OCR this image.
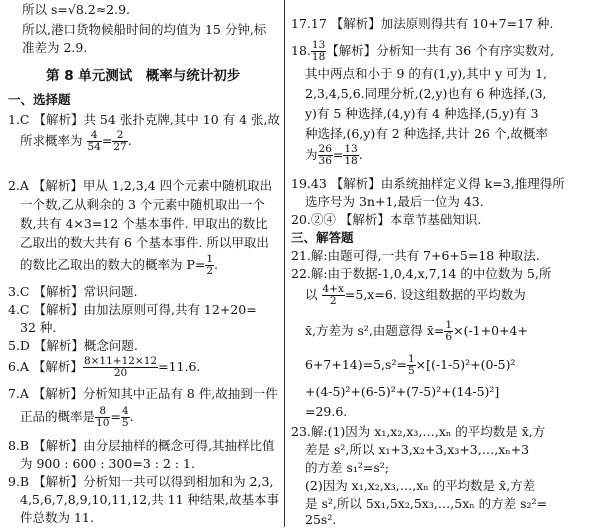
所以 s=√8.2≈2.9.
所以,港口货物候船时间的均值为 15 分钟,标
准差为 2.9.
第 8 单元测试　概率与统计初步
一、选择题
1.C 【解析】共 54 张扑克牌,其中 10 有 4 张,故
所求概率为 $\frac{4}{54} = \frac{2}{27}$ .
2.A 【解析】甲从 1,2,3,4 四个元素中随机取出
一个数,乙从剩余的 3 个元素中随机取出一个
数,共有 4×3=12 个基本事件. 甲取出的数比
乙取出的数大共有 6 个基本事件. 所以甲取出
的数比乙取出的数大的概率为 $P= \frac{1}{2}$ .
3.C 【解析】常识问题.
4.C 【解析】由加法原则可得,共有 12+20=
32 种.
5.D 【解析】概念问题.
6.A 【解析】 $\frac{8\times 11+12\times 12}{20} =11.6$.
7.A 【解析】分析知其中正品有 8 件,故抽到一件
正品的概率是 $\frac{8}{10} = \frac{4}{5}$ .
8.B 【解析】由分层抽样的概念可得,其抽样比值
为 900 : 600 : 300=3 : 2 : 1.
9.B 【解析】分析知一共可以得到相加和为 2,3,
4,5,6,7,8,9,10,11,12,共 11 种结果,故基本事
件总数为 11.
17.17 【解析】加法原则得共有 10+7=17 种.
18. $\frac{13}{18}$ 【解析】分析知一共有 36 个有序实数对,
其中两点和小于 9 的有(1,y),其中 y 可为 1,
2,3,4,5,6.同理分析,(2,y)也有 6 种选择,(3,
y)有 5 种选择,(4,y)有 4 种选择,(5,y)有 3
种选择,(6,y)有 2 种选择,共计 26 个,故概率
为 $\frac{26}{36} = \frac{13}{18}$ .
19.43 【解析】由系统抽样定义得 k=3,推理得所
选序号为 3n+1,最后一位为 43.
20.②④ 【解析】本章节基础知识.
三、解答题
21.解:由题可得,一共有 7+6+5=18 种取法.
22.解:由于数据-1,0,4,x,7,14 的中位数为 5,所
以 $\frac{4+x}{2} =5,x=6$. 设这组数据的平均数为
x̄,方差为 s²,由题意得 x̄= $\frac{1}{6} \times(-1+0+4+$
$6+7+14)=5,s^2= \frac{1}{5} \times[(-1-5)^2+(0-5)^2$
+(4-5)²+(6-5)²+(7-5)²+(14-5)²]
=29.6.
23.解:(1)因为 x₁,x₂,x₃,…,xₙ 的平均数是 x̄,方
差是 s²,所以 x₁+3,x₂+3,x₃+3,…,xₙ+3
的方差 s₁²=s²;
(2)因为 x₁,x₂,x₃,…,xₙ 的平均数是 x̄,方差
是 s²,所以 5x₁,5x₂,5x₃,…,5xₙ 的方差 s₂²=
25s².
